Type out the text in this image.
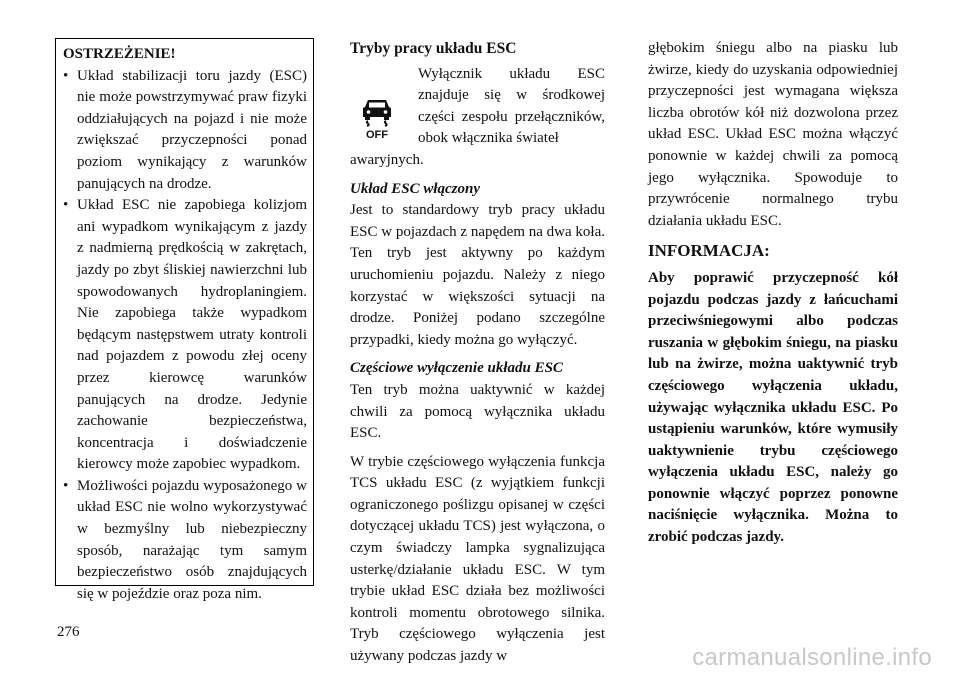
OSTRZEŻENIE!
• Układ stabilizacji toru jazdy (ESC) nie może powstrzymywać praw fizyki oddziałujących na pojazd i nie może zwiększać przyczepności ponad poziom wynikający z warunków panujących na drodze.
• Układ ESC nie zapobiega kolizjom ani wypadkom wynikającym z jazdy z nadmierną prędkością w zakrętach, jazdy po zbyt śliskiej nawierzchni lub spowodowanych hydroplaningiem. Nie zapobiega także wypadkom będącym następstwem utraty kontroli nad pojazdem z powodu złej oceny przez kierowcę warunków panujących na drodze. Jedynie zachowanie bezpieczeństwa, koncentracja i doświadczenie kierowcy może zapobiec wypadkom.
• Możliwości pojazdu wyposażonego w układ ESC nie wolno wykorzystywać w bezmyślny lub niebezpieczny sposób, narażając tym samym bezpieczeństwo osób znajdujących się w pojeździe oraz poza nim.
Tryby pracy układu ESC
OFF

Wyłącznik układu ESC znajduje się w środkowej części zespołu przełączników, obok włącznika świateł

awaryjnych.

Układ ESC włączony

Jest to standardowy tryb pracy układu ESC w pojazdach z napędem na dwa koła. Ten tryb jest aktywny po każdym uruchomieniu pojazdu. Należy z niego korzystać w większości sytuacji na drodze. Poniżej podano szczególne przypadki, kiedy można go wyłączyć.

Częściowe wyłączenie układu ESC

Ten tryb można uaktywnić w każdej chwili za pomocą wyłącznika układu ESC.

W trybie częściowego wyłączenia funkcja TCS układu ESC (z wyjątkiem funkcji ograniczonego poślizgu opisanej w części dotyczącej układu TCS) jest wyłączona, o czym świadczy lampka sygnalizująca usterkę/działanie układu ESC. W tym trybie układ ESC działa bez możliwości kontroli momentu obrotowego silnika. Tryb częściowego wyłączenia jest używany podczas jazdy w

głębokim śniegu albo na piasku lub żwirze, kiedy do uzyskania odpowiedniej przyczepności jest wymagana większa liczba obrotów kół niż dozwolona przez układ ESC. Układ ESC można włączyć ponownie w każdej chwili za pomocą jego wyłącznika. Spowoduje to przywrócenie normalnego trybu działania układu ESC.

INFORMACJA:

Aby poprawić przyczepność kół pojazdu podczas jazdy z łańcuchami przeciwśniegowymi albo podczas ruszania w głębokim śniegu, na piasku lub na żwirze, można uaktywnić tryb częściowego wyłączenia układu, używając wyłącznika układu ESC. Po ustąpieniu warunków, które wymusiły uaktywnienie trybu częściowego wyłączenia układu ESC, należy go ponownie włączyć poprzez ponowne naciśnięcie wyłącznika. Można to zrobić podczas jazdy.

276
carmanualsonline.info
